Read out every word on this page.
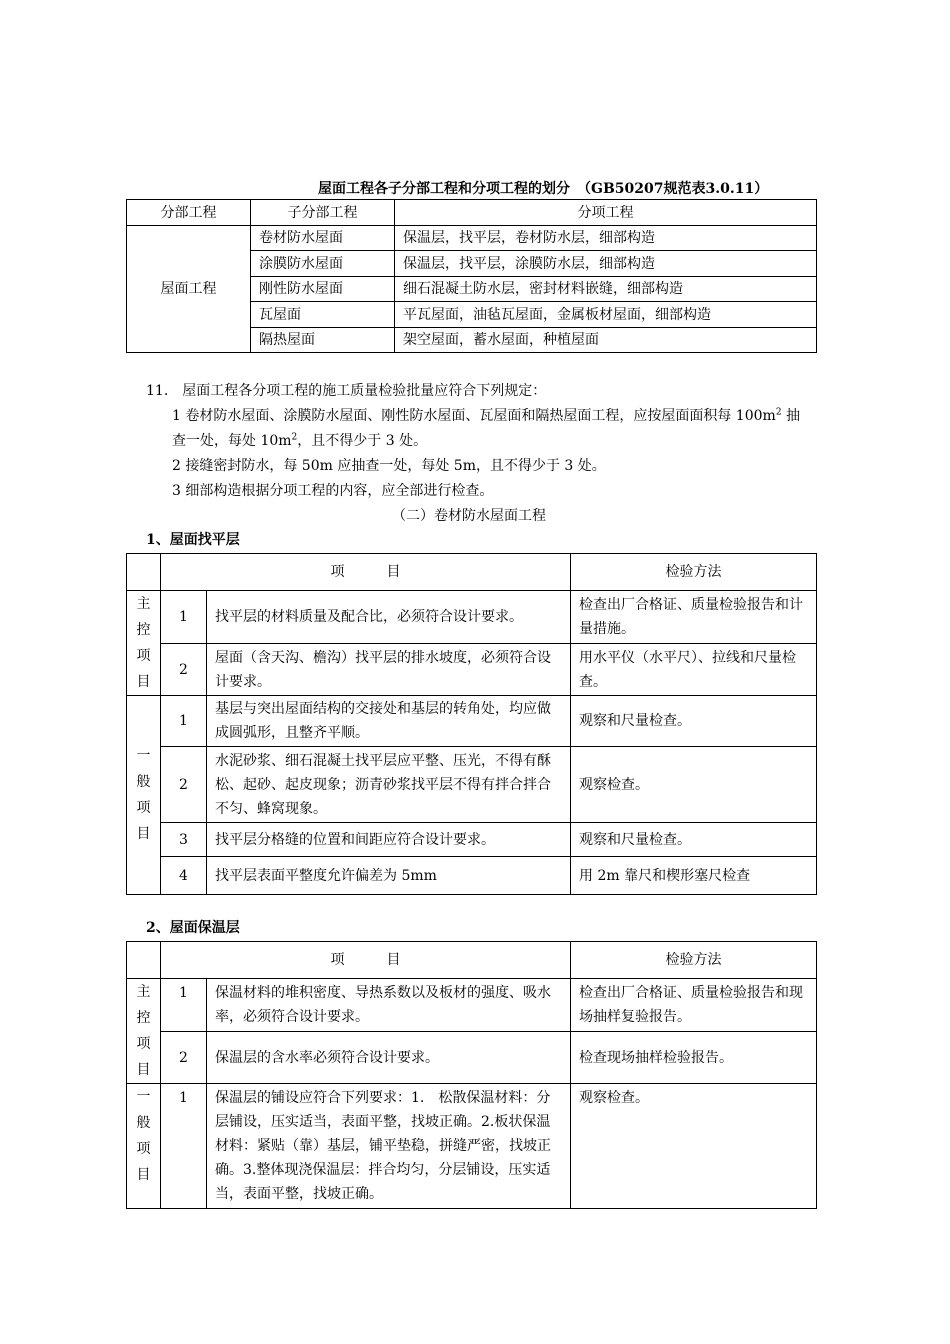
屋面工程各子分部工程和分项工程的划分　（GB50207规范表3.0.11）
分部工程	子分部工程	分项工程
屋面工程	卷材防水屋面	保温层，找平层，卷材防水层，细部构造
	涂膜防水屋面	保温层，找平层，涂膜防水层，细部构造
	刚性防水屋面	细石混凝土防水层，密封材料嵌缝，细部构造
	瓦屋面	平瓦屋面，油毡瓦屋面，金属板材屋面，细部构造
	隔热屋面	架空屋面，蓄水屋面，种植屋面
11.　屋面工程各分项工程的施工质量检验批量应符合下列规定：
1 卷材防水屋面、涂膜防水屋面、刚性防水屋面、瓦屋面和隔热屋面工程，应按屋面面积每 $100m^2$ 抽
查一处，每处 $10m^2$，且不得少于 3 处。
2 接缝密封防水，每 50m 应抽查一处，每处 5m，且不得少于 3 处。
3 细部构造根据分项工程的内容，应全部进行检查。
（二）卷材防水屋面工程
1、屋面找平层
	项　　　目		检验方法

主
控
项
目	1	找平层的材料质量及配合比，必须符合设计要求。	检查出厂合格证、质量检验报告和计量措施。
	2	屋面（含天沟、檐沟）找平层的排水坡度，必须符合设计要求。	用水平仪（水平尺）、拉线和尺量检查。

一
般
项
目	1	基层与突出屋面结构的交接处和基层的转角处，均应做成圆弧形，且整齐平顺。	观察和尺量检查。
	2	水泥砂浆、细石混凝土找平层应平整、压光，不得有酥松、起砂、起皮现象；沥青砂浆找平层不得有拌合拌合不匀、蜂窝现象。	观察检查。
	3	找平层分格缝的位置和间距应符合设计要求。	观察和尺量检查。
	4	找平层表面平整度允许偏差为 5mm	用 2m 靠尺和楔形塞尺检查
2、屋面保温层
	项　　　目		检验方法

主
控
项
目	1	保温材料的堆积密度、导热系数以及板材的强度、吸水率，必须符合设计要求。	检查出厂合格证、质量检验报告和现场抽样复验报告。
	2	保温层的含水率必须符合设计要求。	检查现场抽样检验报告。

一
般
项
目	1	保温层的铺设应符合下列要求：1.　松散保温材料：分层铺设，压实适当，表面平整，找坡正确。2.板状保温材料：紧贴（靠）基层，铺平垫稳，拼缝严密，找坡正确。3.整体现浇保温层：拌合均匀，分层铺设，压实适当，表面平整，找坡正确。	观察检查。
